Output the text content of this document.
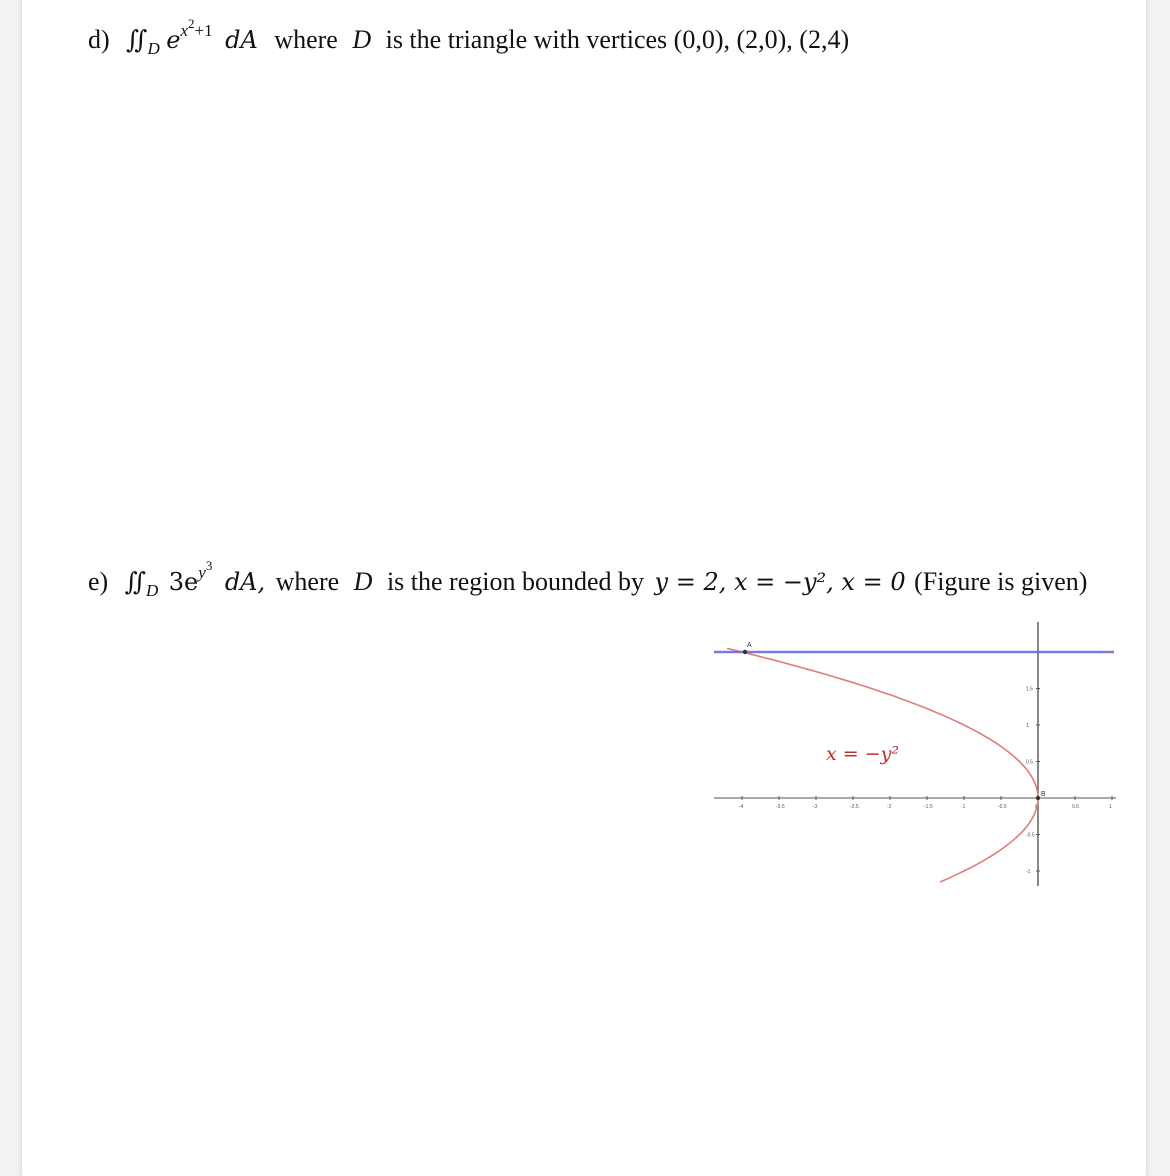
d) $∬_D$ $e^{x2+1}$ dA where D is the triangle with vertices (0,0), (2,0), (2,4)
e) $∬_D$ $3e^{y3}$ dA, where D is the region bounded by y = 2, x = −y², x = 0 (Figure is given)
-4	-3.5	-3	-2.5	-2	-1.5	-1	-0.5	0	0.5	1
1.5
1
0.5
-0.5
-1
A
B
x = −y²
